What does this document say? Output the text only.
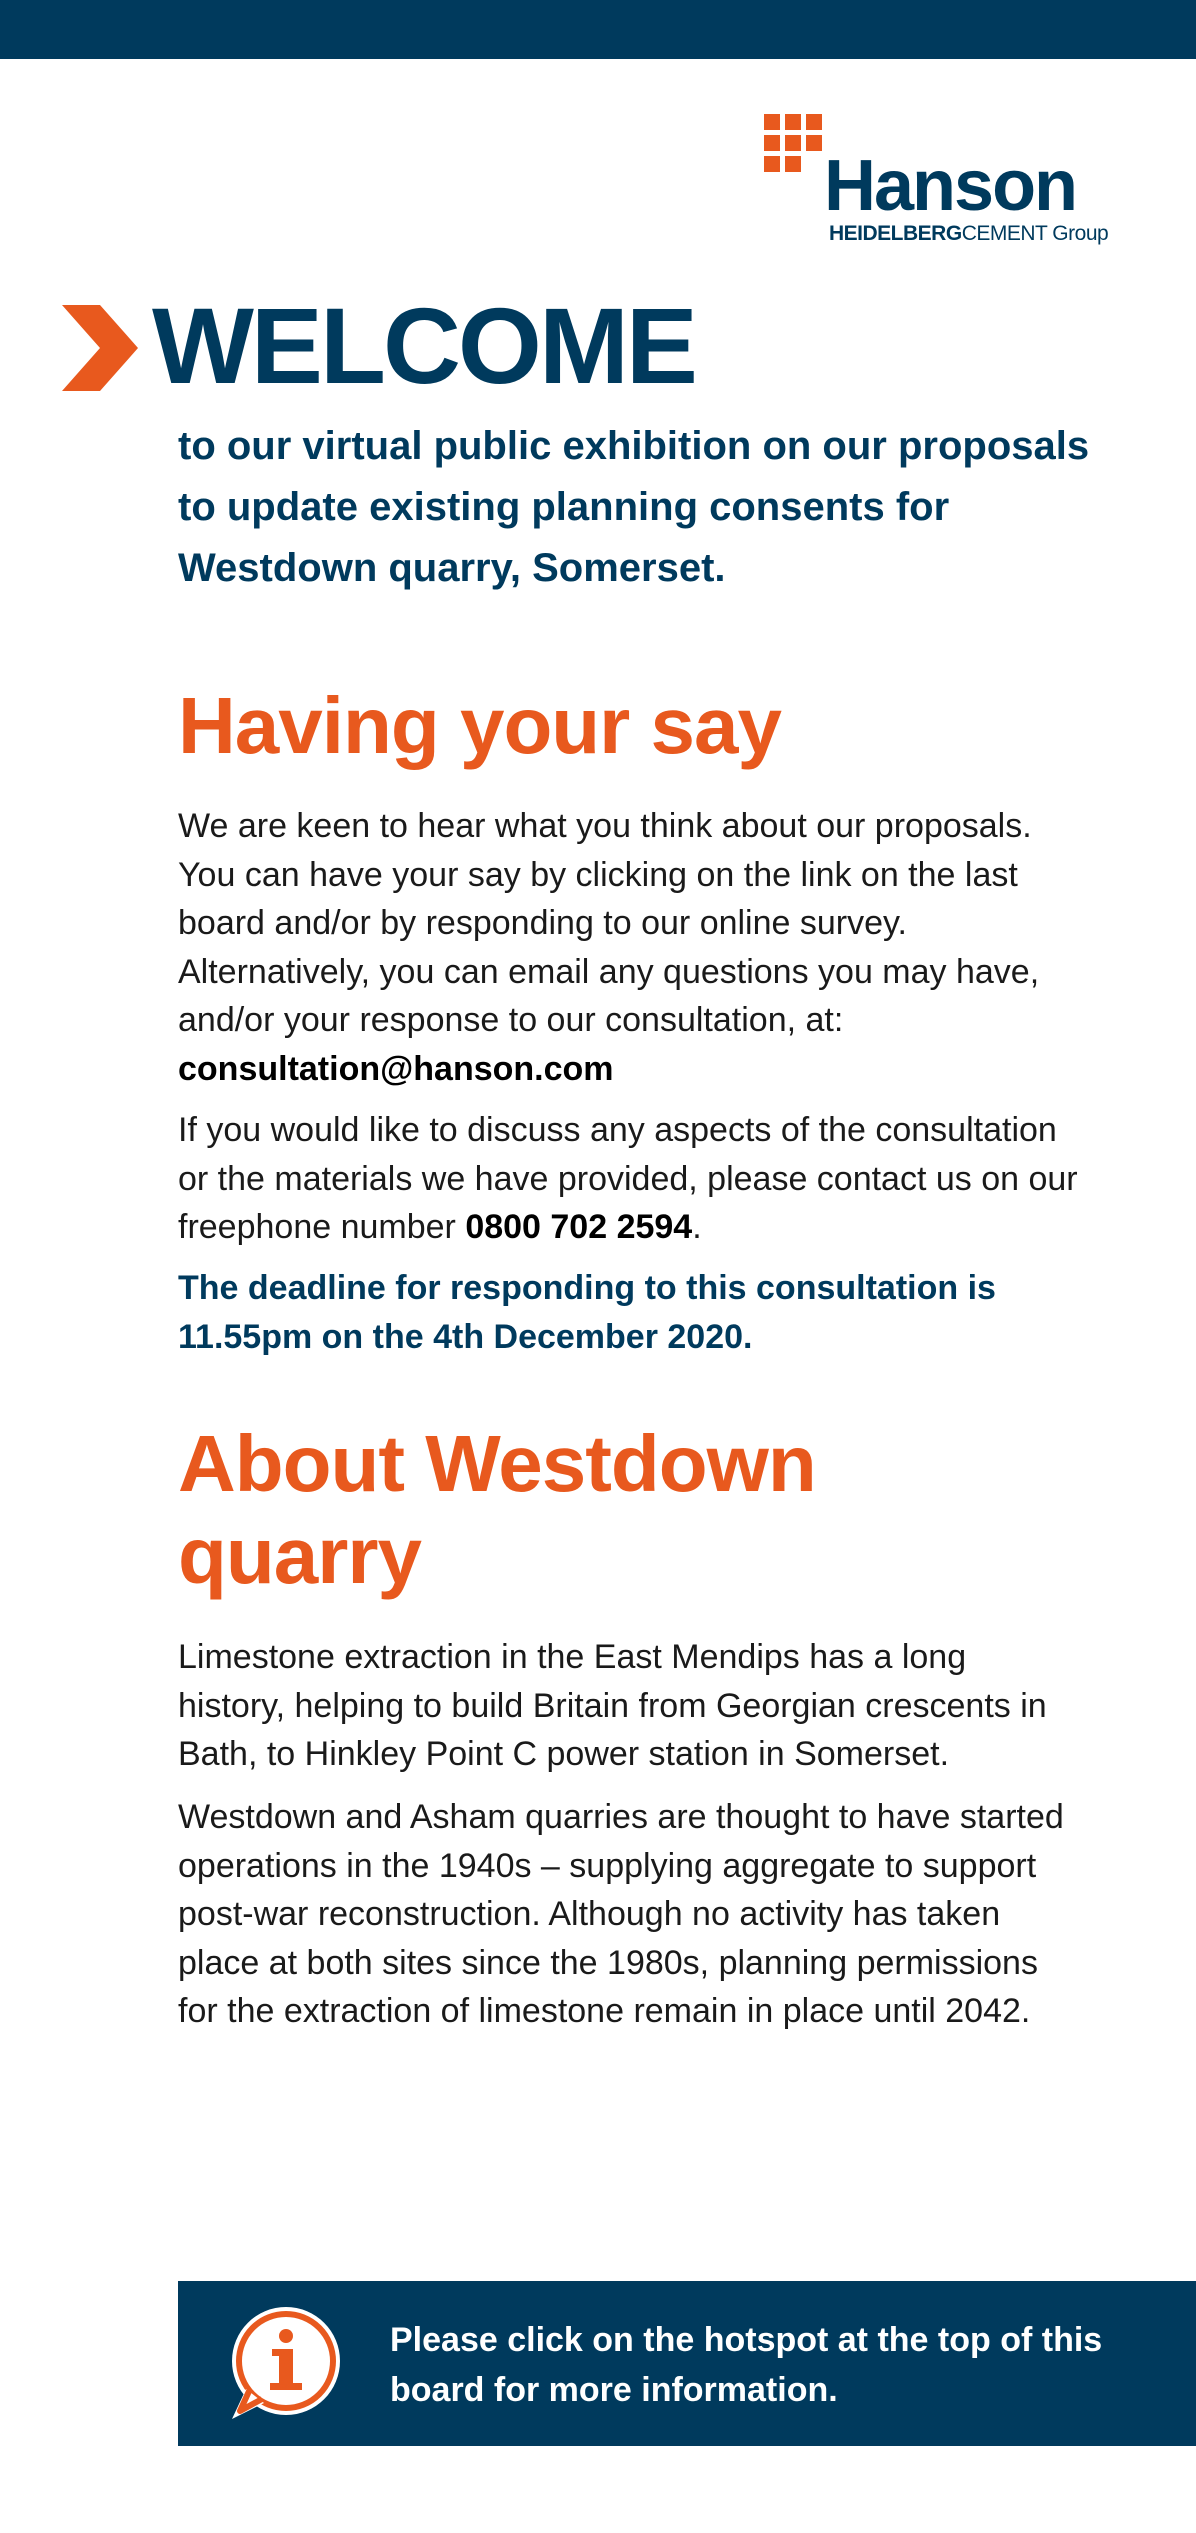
Hanson
HEIDELBERGCEMENT Group
WELCOME

to our virtual public exhibition on our proposals to update existing planning consents for Westdown quarry, Somerset.

Having your say

We are keen to hear what you think about our proposals. You can have your say by clicking on the link on the last board and/or by responding to our online survey. Alternatively, you can email any questions you may have, and/or your response to our consultation, at:
consultation@hanson.com

If you would like to discuss any aspects of the consultation or the materials we have provided, please contact us on our freephone number 0800 702 2594.

The deadline for responding to this consultation is 11.55pm on the 4th December 2020.

About Westdown quarry

Limestone extraction in the East Mendips has a long history, helping to build Britain from Georgian crescents in Bath, to Hinkley Point C power station in Somerset.

Westdown and Asham quarries are thought to have started operations in the 1940s – supplying aggregate to support post-war reconstruction. Although no activity has taken place at both sites since the 1980s, planning permissions for the extraction of limestone remain in place until 2042.

Please click on the hotspot at the top of this board for more information.
